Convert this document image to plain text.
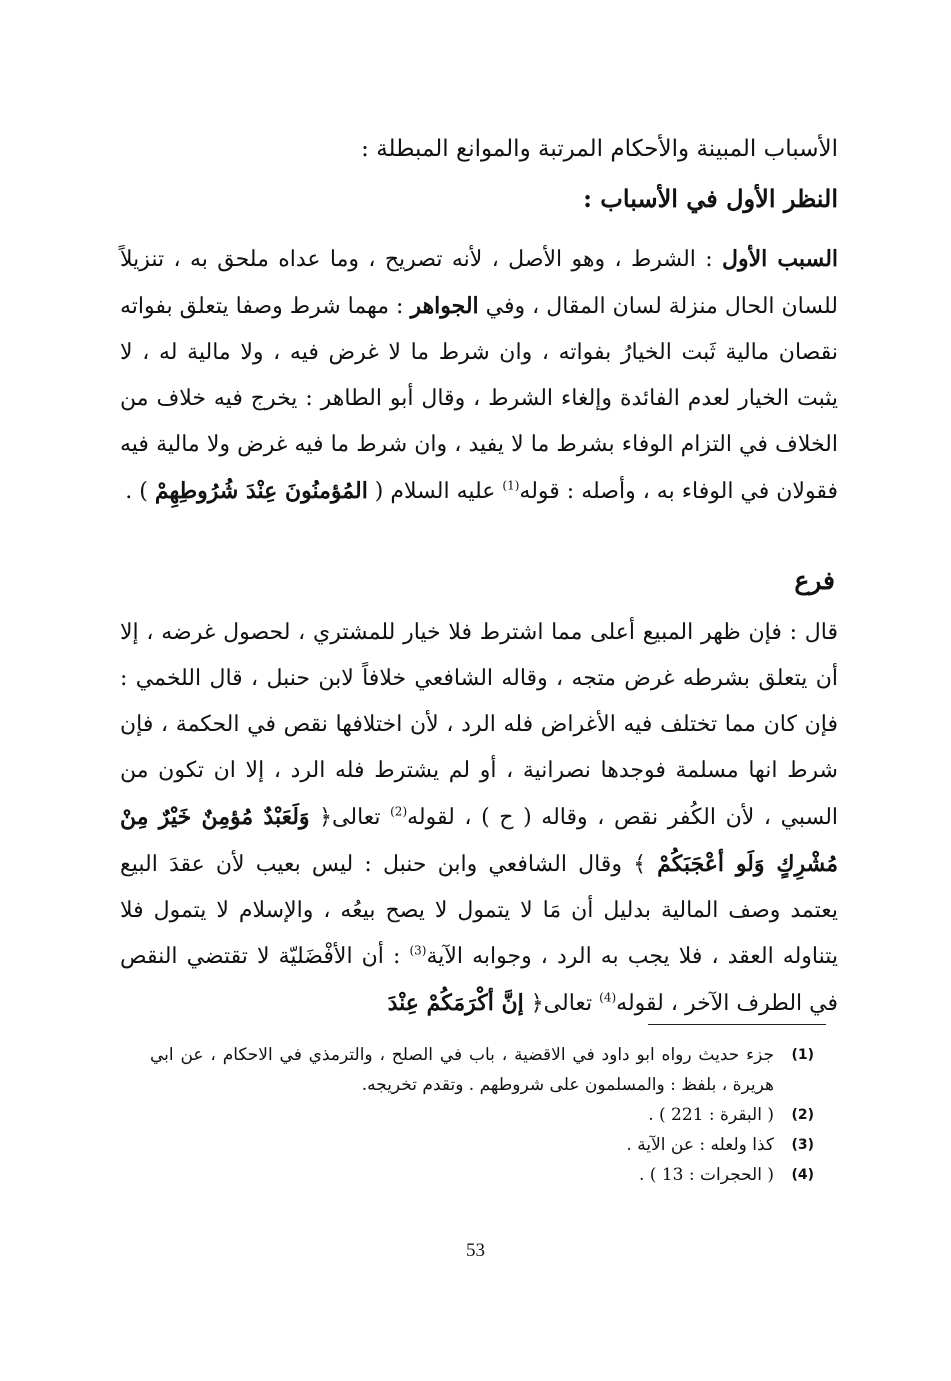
الأسباب المبينة والأحكام المرتبة والموانع المبطلة :
النظر الأول في الأسباب :

السبب الأول : الشرط ، وهو الأصل ، لأنه تصريح ، وما عداه ملحق به ، تنزيلاً للسان الحال منزلة لسان المقال ، وفي الجواهر : مهما شرط وصفا يتعلق بفواته نقصان مالية ثَبت الخيارُ بفواته ، وان شرط ما لا غرض فيه ، ولا مالية له ، لا يثبت الخيار لعدم الفائدة وإلغاء الشرط ، وقال أبو الطاهر : يخرج فيه خلاف من الخلاف في التزام الوفاء بشرط ما لا يفيد ، وان شرط ما فيه غرض ولا مالية فيه فقولان في الوفاء به ، وأصله : قوله$^{(1)}$ عليه السلام ( المُؤمنُونَ عِنْدَ شُرُوطِهِمْ ) .

فرع

قال : فإن ظهر المبيع أعلى مما اشترط فلا خيار للمشتري ، لحصول غرضه ، إلا أن يتعلق بشرطه غرض متجه ، وقاله الشافعي خلافاً لابن حنبل ، قال اللخمي : فإن كان مما تختلف فيه الأغراض فله الرد ، لأن اختلافها نقص في الحكمة ، فإن شرط انها مسلمة فوجدها نصرانية ، أو لم يشترط فله الرد ، إلا ان تكون من السبي ، لأن الكُفر نقص ، وقاله ( ح ) ، لقوله$^{(2)}$ تعالى﴿ وَلَعَبْدٌ مُؤمِنٌ خَيْرٌ مِنْ مُشْرِكٍ وَلَو أعْجَبَكُمْ ﴾ وقال الشافعي وابن حنبل : ليس بعيب لأن عقدَ البيع يعتمد وصف المالية بدليل أن مَا لا يتمول لا يصح بيعُه ، والإسلام لا يتمول فلا يتناوله العقد ، فلا يجب به الرد ، وجوابه الآية$^{(3)}$ : أن الأفْضَليّة لا تقتضي النقص في الطرف الآخر ، لقوله$^{(4)}$ تعالى﴿ إنَّ أكْرَمَكُمْ عِنْدَ

(1)
جزء حديث رواه ابو داود في الاقضية ، باب في الصلح ، والترمذي في الاحكام ، عن ابي هريرة ، بلفظ : والمسلمون على شروطهم . وتقدم تخريجه.
(2)
( البقرة : 221 ) .
(3)
كذا ولعله : عن الآية .
(4)
( الحجرات : 13 ) .
53
